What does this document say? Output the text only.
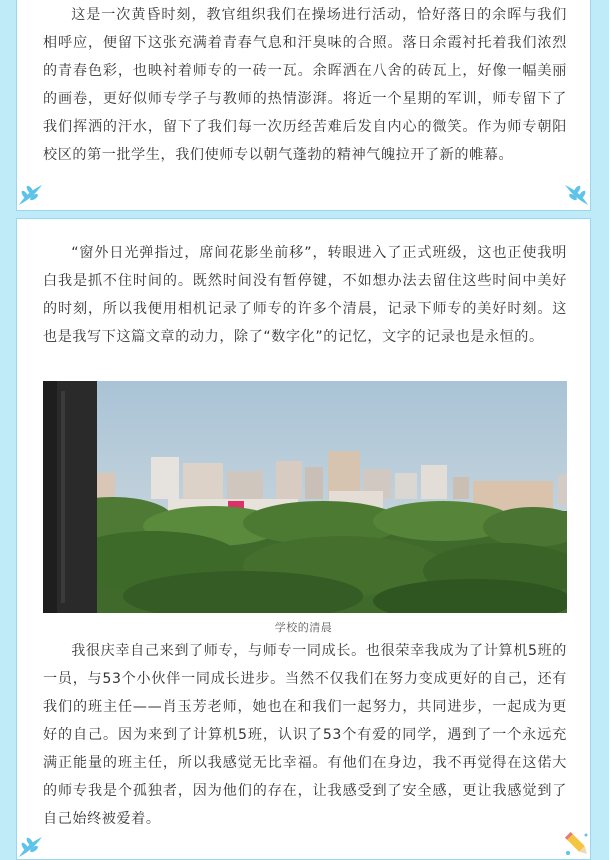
这是一次黄昏时刻，教官组织我们在操场进行活动，恰好落日的余晖与我们相呼应，便留下这张充满着青春气息和汗臭味的合照。落日余霞衬托着我们浓烈的青春色彩，也映衬着师专的一砖一瓦。余晖洒在八舍的砖瓦上，好像一幅美丽的画卷，更好似师专学子与教师的热情澎湃。将近一个星期的军训，师专留下了我们挥洒的汗水，留下了我们每一次历经苦难后发自内心的微笑。作为师专朝阳校区的第一批学生，我们使师专以朝气蓬勃的精神气魄拉开了新的帷幕。

“窗外日光弹指过，席间花影坐前移”，转眼进入了正式班级，这也正使我明白我是抓不住时间的。既然时间没有暂停键，不如想办法去留住这些时间中美好的时刻，所以我便用相机记录了师专的许多个清晨，记录下师专的美好时刻。这也是我写下这篇文章的动力，除了“数字化”的记忆，文字的记录也是永恒的。

学校的清晨

我很庆幸自己来到了师专，与师专一同成长。也很荣幸我成为了计算机5班的一员，与53个小伙伴一同成长进步。当然不仅我们在努力变成更好的自己，还有我们的班主任——肖玉芳老师，她也在和我们一起努力，共同进步，一起成为更好的自己。因为来到了计算机5班，认识了53个有爱的同学，遇到了一个永远充满正能量的班主任，所以我感觉无比幸福。有他们在身边，我不再觉得在这偌大的师专我是个孤独者，因为他们的存在，让我感受到了安全感，更让我感觉到了自己始终被爱着。
